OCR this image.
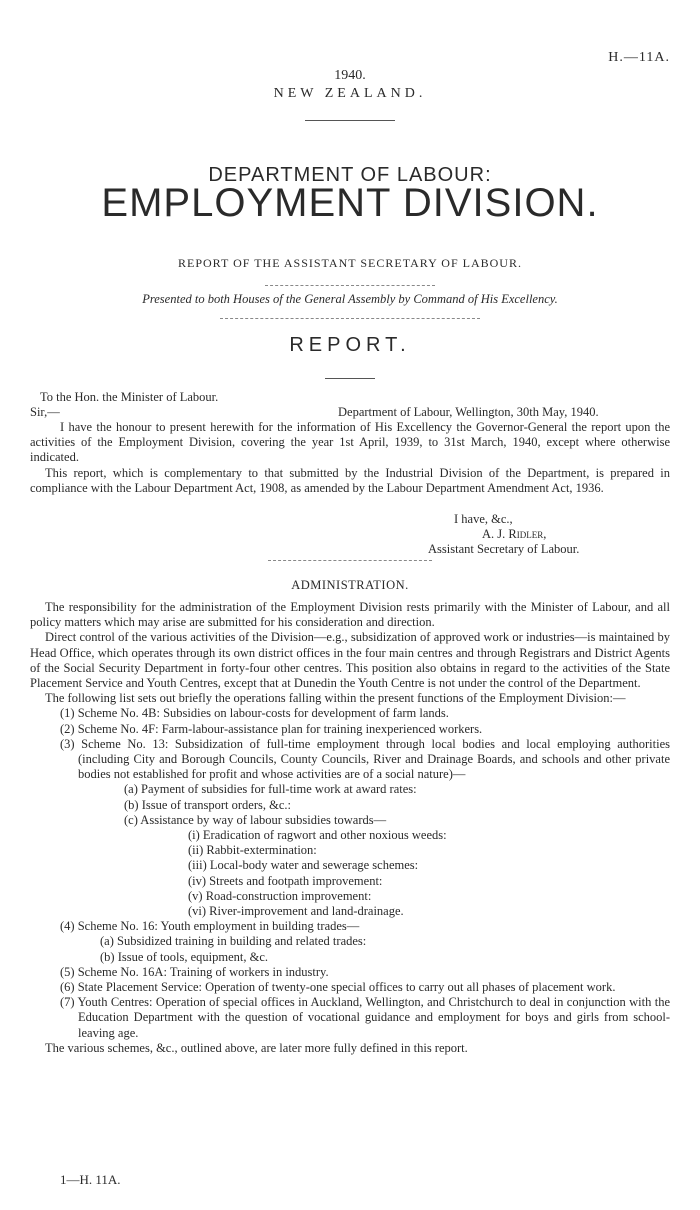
H.—11A.
1940.
NEW ZEALAND.
DEPARTMENT OF LABOUR:
EMPLOYMENT DIVISION.
REPORT OF THE ASSISTANT SECRETARY OF LABOUR.
Presented to both Houses of the General Assembly by Command of His Excellency.
REPORT.
To the Hon. the Minister of Labour.
Sir,—	Department of Labour, Wellington, 30th May, 1940.

I have the honour to present herewith for the information of His Excellency the Governor-General the report upon the activities of the Employment Division, covering the year 1st April, 1939, to 31st March, 1940, except where otherwise indicated.

This report, which is complementary to that submitted by the Industrial Division of the Department, is prepared in compliance with the Labour Department Act, 1908, as amended by the Labour Department Amendment Act, 1936.

I have, &c.,
A. J. Ridler,
Assistant Secretary of Labour.
ADMINISTRATION.

The responsibility for the administration of the Employment Division rests primarily with the Minister of Labour, and all policy matters which may arise are submitted for his consideration and direction.

Direct control of the various activities of the Division—e.g., subsidization of approved work or industries—is maintained by Head Office, which operates through its own district offices in the four main centres and through Registrars and District Agents of the Social Security Department in forty-four other centres. This position also obtains in regard to the activities of the State Placement Service and Youth Centres, except that at Dunedin the Youth Centre is not under the control of the Department.

The following list sets out briefly the operations falling within the present functions of the Employment Division:—

(1) Scheme No. 4B: Subsidies on labour-costs for development of farm lands.

(2) Scheme No. 4F: Farm-labour-assistance plan for training inexperienced workers.

(3) Scheme No. 13: Subsidization of full-time employment through local bodies and local employing authorities (including City and Borough Councils, County Councils, River and Drainage Boards, and schools and other private bodies not established for profit and whose activities are of a social nature)—

(a) Payment of subsidies for full-time work at award rates:

(b) Issue of transport orders, &c.:

(c) Assistance by way of labour subsidies towards—

(i) Eradication of ragwort and other noxious weeds:

(ii) Rabbit-extermination:

(iii) Local-body water and sewerage schemes:

(iv) Streets and footpath improvement:

(v) Road-construction improvement:

(vi) River-improvement and land-drainage.

(4) Scheme No. 16: Youth employment in building trades—

(a) Subsidized training in building and related trades:

(b) Issue of tools, equipment, &c.

(5) Scheme No. 16A: Training of workers in industry.

(6) State Placement Service: Operation of twenty-one special offices to carry out all phases of placement work.

(7) Youth Centres: Operation of special offices in Auckland, Wellington, and Christchurch to deal in conjunction with the Education Department with the question of vocational guidance and employment for boys and girls from school-leaving age.

The various schemes, &c., outlined above, are later more fully defined in this report.

1—H. 11A.
